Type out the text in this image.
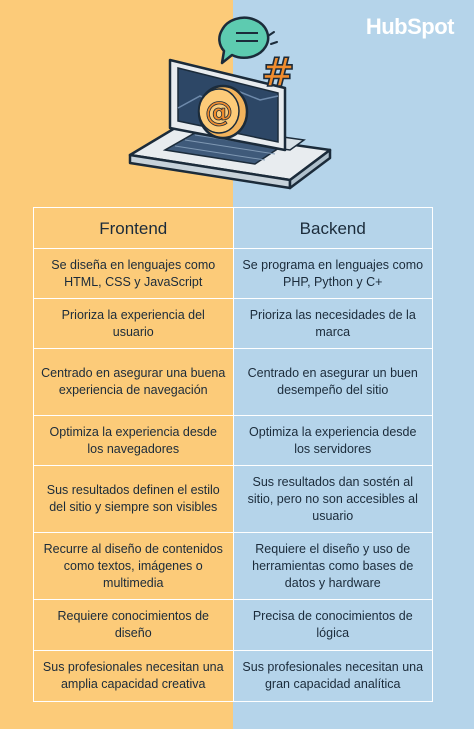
HubSpot
@
#
Frontend	Backend
Se diseña en lenguajes como HTML, CSS y JavaScript	Se programa en lenguajes como PHP, Python y C+
Prioriza la experiencia del usuario	Prioriza las necesidades de la marca
Centrado en asegurar una buena experiencia de navegación	Centrado en asegurar un buen desempeño del sitio
Optimiza la experiencia desde los navegadores	Optimiza la experiencia desde los servidores
Sus resultados definen el estilo del sitio y siempre son visibles	Sus resultados dan sostén al sitio, pero no son accesibles al usuario
Recurre al diseño de contenidos como textos, imágenes o multimedia	Requiere el diseño y uso de herramientas como bases de datos y hardware
Requiere conocimientos de diseño	Precisa de conocimientos de lógica
Sus profesionales necesitan una amplia capacidad creativa	Sus profesionales necesitan una gran capacidad analítica
